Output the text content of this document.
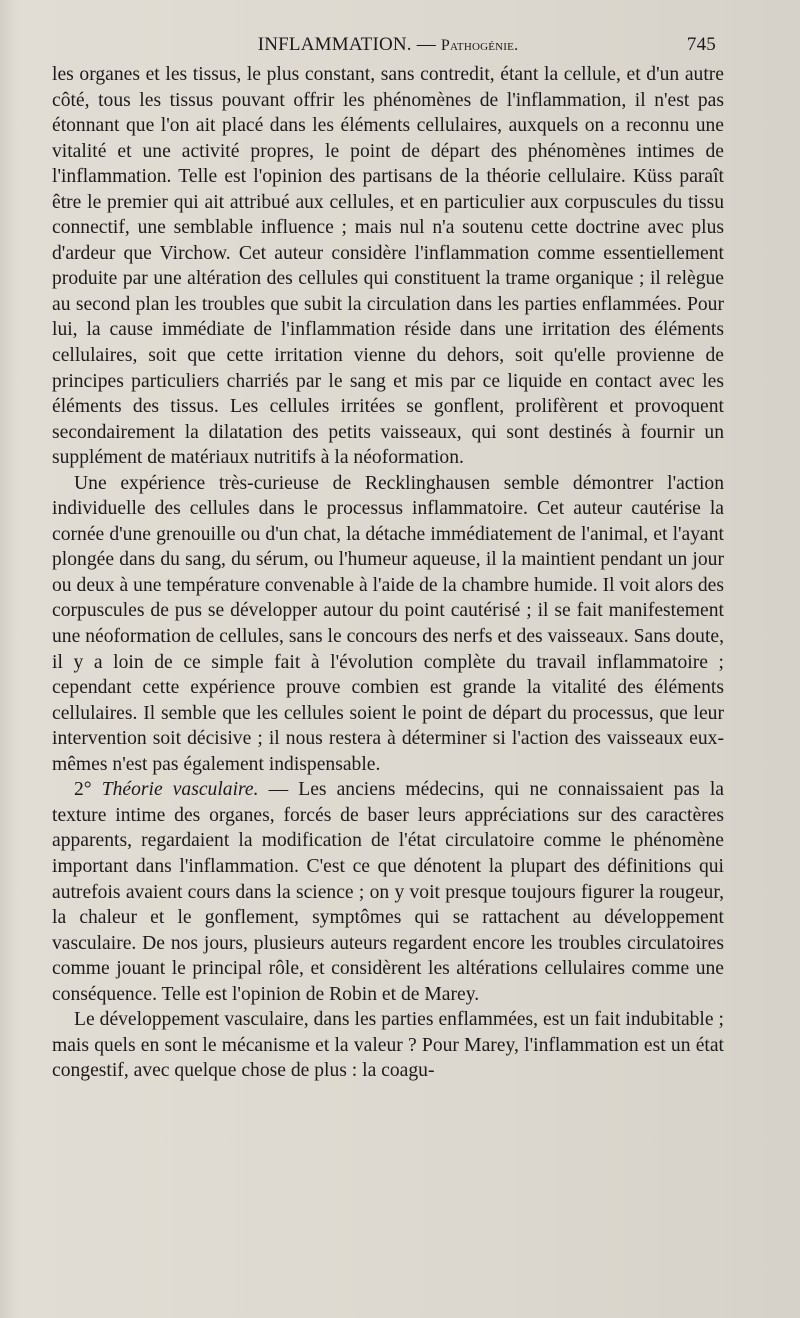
INFLAMMATION. — Pathogénie.	745

les organes et les tissus, le plus constant, sans contredit, étant la cellule, et d'un autre côté, tous les tissus pouvant offrir les phénomènes de l'inflammation, il n'est pas étonnant que l'on ait placé dans les éléments cellulaires, auxquels on a reconnu une vitalité et une activité propres, le point de départ des phénomènes intimes de l'inflammation. Telle est l'opinion des partisans de la théorie cellulaire. Küss paraît être le premier qui ait attribué aux cellules, et en particulier aux corpuscules du tissu connectif, une semblable influence ; mais nul n'a soutenu cette doctrine avec plus d'ardeur que Virchow. Cet auteur considère l'inflammation comme essentiellement produite par une altération des cellules qui constituent la trame organique ; il relègue au second plan les troubles que subit la circulation dans les parties enflammées. Pour lui, la cause immédiate de l'inflammation réside dans une irritation des éléments cellulaires, soit que cette irritation vienne du dehors, soit qu'elle provienne de principes particuliers charriés par le sang et mis par ce liquide en contact avec les éléments des tissus. Les cellules irritées se gonflent, prolifèrent et provoquent secondairement la dilatation des petits vaisseaux, qui sont destinés à fournir un supplément de matériaux nutritifs à la néoformation.

Une expérience très-curieuse de Recklinghausen semble démontrer l'action individuelle des cellules dans le processus inflammatoire. Cet auteur cautérise la cornée d'une grenouille ou d'un chat, la détache immédiatement de l'animal, et l'ayant plongée dans du sang, du sérum, ou l'humeur aqueuse, il la maintient pendant un jour ou deux à une température convenable à l'aide de la chambre humide. Il voit alors des corpuscules de pus se développer autour du point cautérisé ; il se fait manifestement une néoformation de cellules, sans le concours des nerfs et des vaisseaux. Sans doute, il y a loin de ce simple fait à l'évolution complète du travail inflammatoire ; cependant cette expérience prouve combien est grande la vitalité des éléments cellulaires. Il semble que les cellules soient le point de départ du processus, que leur intervention soit décisive ; il nous restera à déterminer si l'action des vaisseaux eux-mêmes n'est pas également indispensable.

2° Théorie vasculaire. — Les anciens médecins, qui ne connaissaient pas la texture intime des organes, forcés de baser leurs appréciations sur des caractères apparents, regardaient la modification de l'état circulatoire comme le phénomène important dans l'inflammation. C'est ce que dénotent la plupart des définitions qui autrefois avaient cours dans la science ; on y voit presque toujours figurer la rougeur, la chaleur et le gonflement, symptômes qui se rattachent au développement vasculaire. De nos jours, plusieurs auteurs regardent encore les troubles circulatoires comme jouant le principal rôle, et considèrent les altérations cellulaires comme une conséquence. Telle est l'opinion de Robin et de Marey.

Le développement vasculaire, dans les parties enflammées, est un fait indubitable ; mais quels en sont le mécanisme et la valeur ? Pour Marey, l'inflammation est un état congestif, avec quelque chose de plus : la coagu-
